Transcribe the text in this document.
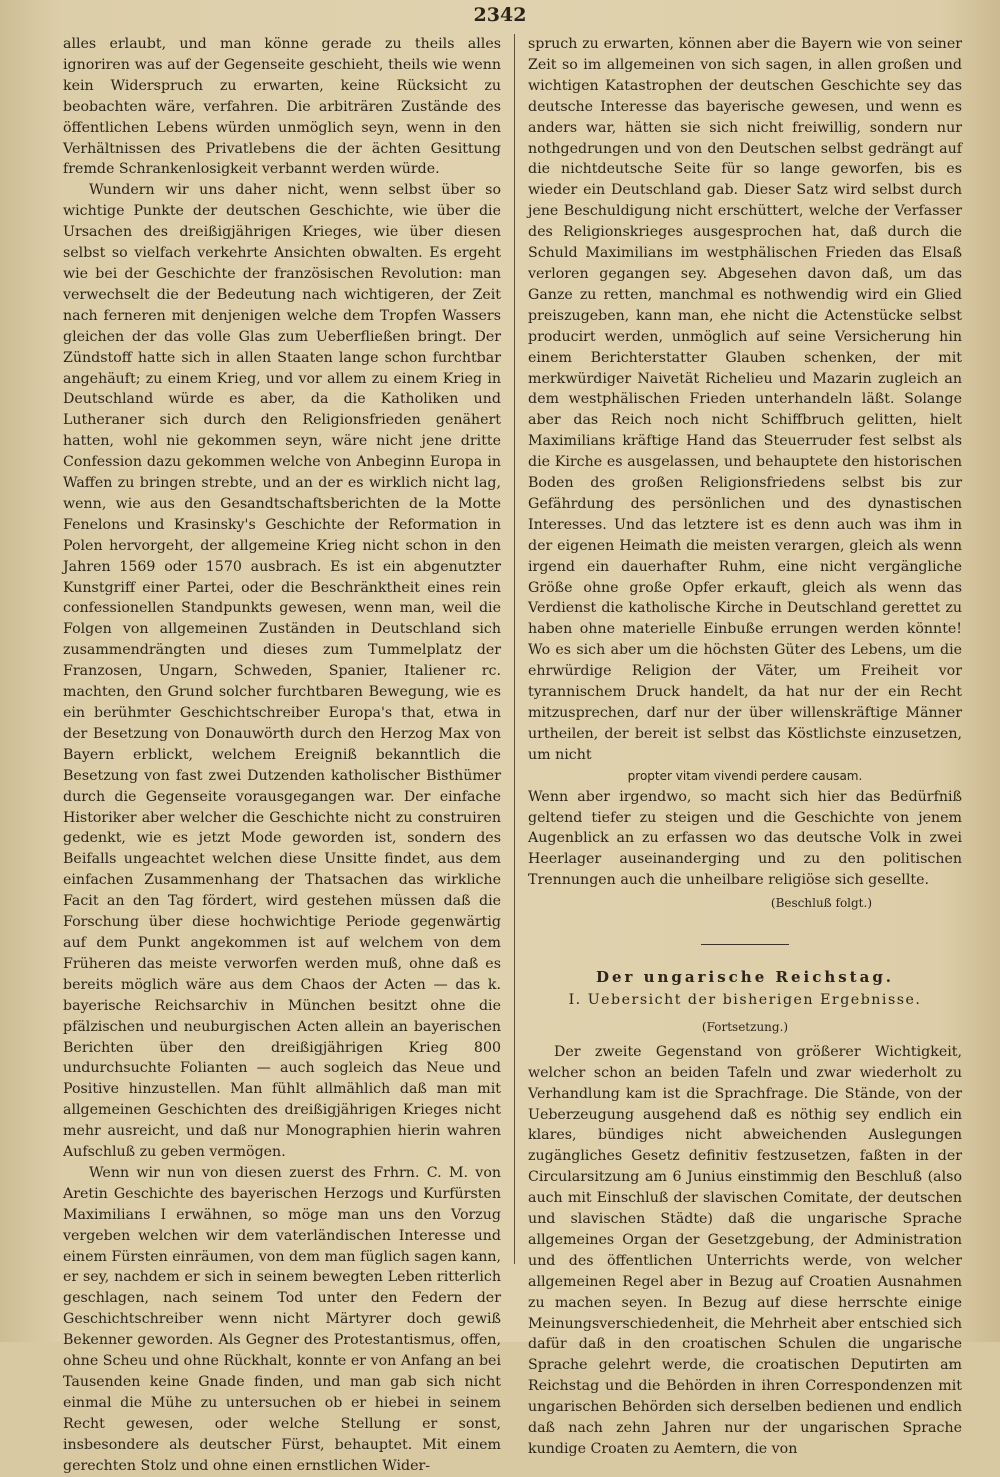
2342

alles erlaubt, und man könne gerade zu theils alles ignoriren was auf der Gegenseite geschieht, theils wie wenn kein Widerspruch zu erwarten, keine Rücksicht zu beobachten wäre, verfahren. Die arbiträren Zustände des öffentlichen Lebens würden unmöglich seyn, wenn in den Verhältnissen des Privatlebens die der ächten Gesittung fremde Schrankenlosigkeit verbannt werden würde.

Wundern wir uns daher nicht, wenn selbst über so wichtige Punkte der deutschen Geschichte, wie über die Ursachen des dreißigjährigen Krieges, wie über diesen selbst so vielfach verkehrte Ansichten obwalten. Es ergeht wie bei der Geschichte der französischen Revolution: man verwechselt die der Bedeutung nach wichtigeren, der Zeit nach ferneren mit denjenigen welche dem Tropfen Wassers gleichen der das volle Glas zum Ueberfließen bringt. Der Zündstoff hatte sich in allen Staaten lange schon furchtbar angehäuft; zu einem Krieg, und vor allem zu einem Krieg in Deutschland würde es aber, da die Katholiken und Lutheraner sich durch den Religionsfrieden genähert hatten, wohl nie gekommen seyn, wäre nicht jene dritte Confession dazu gekommen welche von Anbeginn Europa in Waffen zu bringen strebte, und an der es wirklich nicht lag, wenn, wie aus den Gesandtschaftsberichten de la Motte Fenelons und Krasinsky's Geschichte der Reformation in Polen hervorgeht, der allgemeine Krieg nicht schon in den Jahren 1569 oder 1570 ausbrach. Es ist ein abgenutzter Kunstgriff einer Partei, oder die Beschränktheit eines rein confessionellen Standpunkts gewesen, wenn man, weil die Folgen von allgemeinen Zuständen in Deutschland sich zusammendrängten und dieses zum Tummelplatz der Franzosen, Ungarn, Schweden, Spanier, Italiener rc. machten, den Grund solcher furchtbaren Bewegung, wie es ein berühmter Geschichtschreiber Europa's that, etwa in der Besetzung von Donauwörth durch den Herzog Max von Bayern erblickt, welchem Ereigniß bekanntlich die Besetzung von fast zwei Dutzenden katholischer Bisthümer durch die Gegenseite vorausgegangen war. Der einfache Historiker aber welcher die Geschichte nicht zu construiren gedenkt, wie es jetzt Mode geworden ist, sondern des Beifalls ungeachtet welchen diese Unsitte findet, aus dem einfachen Zusammenhang der Thatsachen das wirkliche Facit an den Tag fördert, wird gestehen müssen daß die Forschung über diese hochwichtige Periode gegenwärtig auf dem Punkt angekommen ist auf welchem von dem Früheren das meiste verworfen werden muß, ohne daß es bereits möglich wäre aus dem Chaos der Acten — das k. bayerische Reichsarchiv in München besitzt ohne die pfälzischen und neuburgischen Acten allein an bayerischen Berichten über den dreißigjährigen Krieg 800 undurchsuchte Folianten — auch sogleich das Neue und Positive hinzustellen. Man fühlt allmählich daß man mit allgemeinen Geschichten des dreißigjährigen Krieges nicht mehr ausreicht, und daß nur Monographien hierin wahren Aufschluß zu geben vermögen.

Wenn wir nun von diesen zuerst des Frhrn. C. M. von Aretin Geschichte des bayerischen Herzogs und Kurfürsten Maximilians I erwähnen, so möge man uns den Vorzug vergeben welchen wir dem vaterländischen Interesse und einem Fürsten einräumen, von dem man füglich sagen kann, er sey, nachdem er sich in seinem bewegten Leben ritterlich geschlagen, nach seinem Tod unter den Federn der Geschichtschreiber wenn nicht Märtyrer doch gewiß Bekenner geworden. Als Gegner des Protestantismus, offen, ohne Scheu und ohne Rückhalt, konnte er von Anfang an bei Tausenden keine Gnade finden, und man gab sich nicht einmal die Mühe zu untersuchen ob er hiebei in seinem Recht gewesen, oder welche Stellung er sonst, insbesondere als deutscher Fürst, behauptet. Mit einem gerechten Stolz und ohne einen ernstlichen Wider-

spruch zu erwarten, können aber die Bayern wie von seiner Zeit so im allgemeinen von sich sagen, in allen großen und wichtigen Katastrophen der deutschen Geschichte sey das deutsche Interesse das bayerische gewesen, und wenn es anders war, hätten sie sich nicht freiwillig, sondern nur nothgedrungen und von den Deutschen selbst gedrängt auf die nichtdeutsche Seite für so lange geworfen, bis es wieder ein Deutschland gab. Dieser Satz wird selbst durch jene Beschuldigung nicht erschüttert, welche der Verfasser des Religionskrieges ausgesprochen hat, daß durch die Schuld Maximilians im westphälischen Frieden das Elsaß verloren gegangen sey. Abgesehen davon daß, um das Ganze zu retten, manchmal es nothwendig wird ein Glied preiszugeben, kann man, ehe nicht die Actenstücke selbst producirt werden, unmöglich auf seine Versicherung hin einem Berichterstatter Glauben schenken, der mit merkwürdiger Naivetät Richelieu und Mazarin zugleich an dem westphälischen Frieden unterhandeln läßt. Solange aber das Reich noch nicht Schiffbruch gelitten, hielt Maximilians kräftige Hand das Steuerruder fest selbst als die Kirche es ausgelassen, und behauptete den historischen Boden des großen Religionsfriedens selbst bis zur Gefährdung des persönlichen und des dynastischen Interesses. Und das letztere ist es denn auch was ihm in der eigenen Heimath die meisten verargen, gleich als wenn irgend ein dauerhafter Ruhm, eine nicht vergängliche Größe ohne große Opfer erkauft, gleich als wenn das Verdienst die katholische Kirche in Deutschland gerettet zu haben ohne materielle Einbuße errungen werden könnte! Wo es sich aber um die höchsten Güter des Lebens, um die ehrwürdige Religion der Väter, um Freiheit vor tyrannischem Druck handelt, da hat nur der ein Recht mitzusprechen, darf nur der über willenskräftige Männer urtheilen, der bereit ist selbst das Köstlichste einzusetzen, um nicht

propter vitam vivendi perdere causam.

Wenn aber irgendwo, so macht sich hier das Bedürfniß geltend tiefer zu steigen und die Geschichte von jenem Augenblick an zu erfassen wo das deutsche Volk in zwei Heerlager auseinanderging und zu den politischen Trennungen auch die unheilbare religiöse sich gesellte.

(Beschluß folgt.)

Der ungarische Reichstag.

I. Uebersicht der bisherigen Ergebnisse.

(Fortsetzung.)

Der zweite Gegenstand von größerer Wichtigkeit, welcher schon an beiden Tafeln und zwar wiederholt zu Verhandlung kam ist die Sprachfrage. Die Stände, von der Ueberzeugung ausgehend daß es nöthig sey endlich ein klares, bündiges nicht abweichenden Auslegungen zugängliches Gesetz definitiv festzusetzen, faßten in der Circularsitzung am 6 Junius einstimmig den Beschluß (also auch mit Einschluß der slavischen Comitate, der deutschen und slavischen Städte) daß die ungarische Sprache allgemeines Organ der Gesetzgebung, der Administration und des öffentlichen Unterrichts werde, von welcher allgemeinen Regel aber in Bezug auf Croatien Ausnahmen zu machen seyen. In Bezug auf diese herrschte einige Meinungsverschiedenheit, die Mehrheit aber entschied sich dafür daß in den croatischen Schulen die ungarische Sprache gelehrt werde, die croatischen Deputirten am Reichstag und die Behörden in ihren Correspondenzen mit ungarischen Behörden sich derselben bedienen und endlich daß nach zehn Jahren nur der ungarischen Sprache kundige Croaten zu Aemtern, die von
